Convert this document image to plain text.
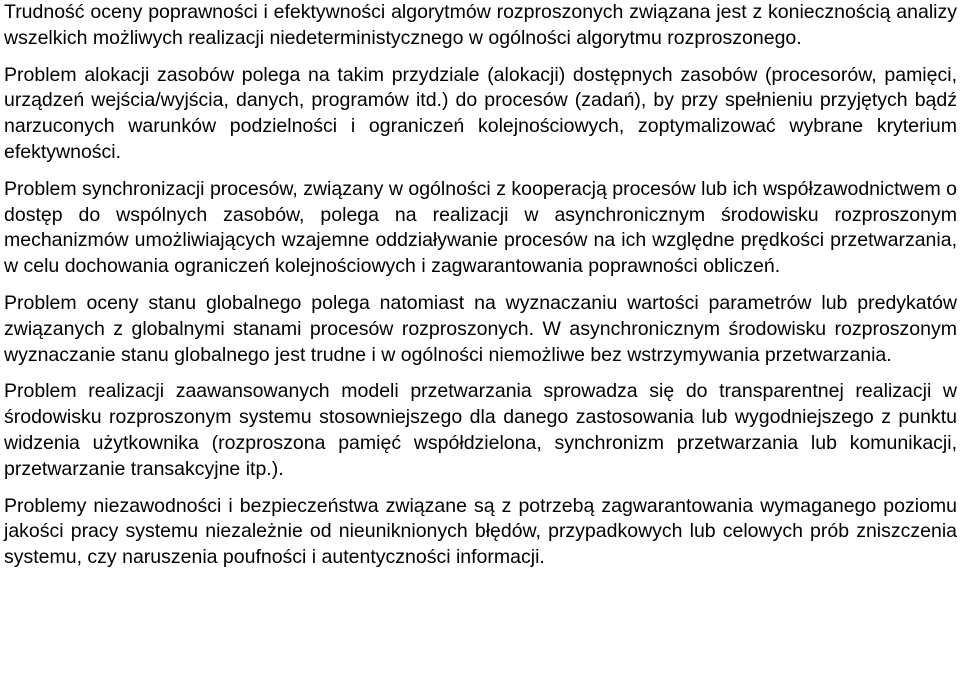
Trudność oceny poprawności i efektywności algorytmów rozproszonych związana jest z koniecznością analizy wszelkich możliwych realizacji niedeterministycznego w ogólności algorytmu rozproszonego.

Problem alokacji zasobów polega na takim przydziale (alokacji) dostępnych zasobów (procesorów, pamięci, urządzeń wejścia/wyjścia, danych, programów itd.) do procesów (zadań), by przy spełnieniu przyjętych bądź narzuconych warunków podzielności i ograniczeń kolejnościowych, zoptymalizować wybrane kryterium efektywności.

Problem synchronizacji procesów, związany w ogólności z kooperacją procesów lub ich współzawodnictwem o dostęp do wspólnych zasobów, polega na realizacji w asynchronicznym środowisku rozproszonym mechanizmów umożliwiających wzajemne oddziaływanie procesów na ich względne prędkości przetwarzania, w celu dochowania ograniczeń kolejnościowych i zagwarantowania poprawności obliczeń.

Problem oceny stanu globalnego polega natomiast na wyznaczaniu wartości parametrów lub predykatów związanych z globalnymi stanami procesów rozproszonych. W asynchronicznym środowisku rozproszonym wyznaczanie stanu globalnego jest trudne i w ogólności niemożliwe bez wstrzymywania przetwarzania.

Problem realizacji zaawansowanych modeli przetwarzania sprowadza się do transparentnej realizacji w środowisku rozproszonym systemu stosowniejszego dla danego zastosowania lub wygodniejszego z punktu widzenia użytkownika (rozproszona pamięć współdzielona, synchronizm przetwarzania lub komunikacji, przetwarzanie transakcyjne itp.).

Problemy niezawodności i bezpieczeństwa związane są z potrzebą zagwarantowania wymaganego poziomu jakości pracy systemu niezależnie od nieuniknionych błędów, przypadkowych lub celowych prób zniszczenia systemu, czy naruszenia poufności i autentyczności informacji.
